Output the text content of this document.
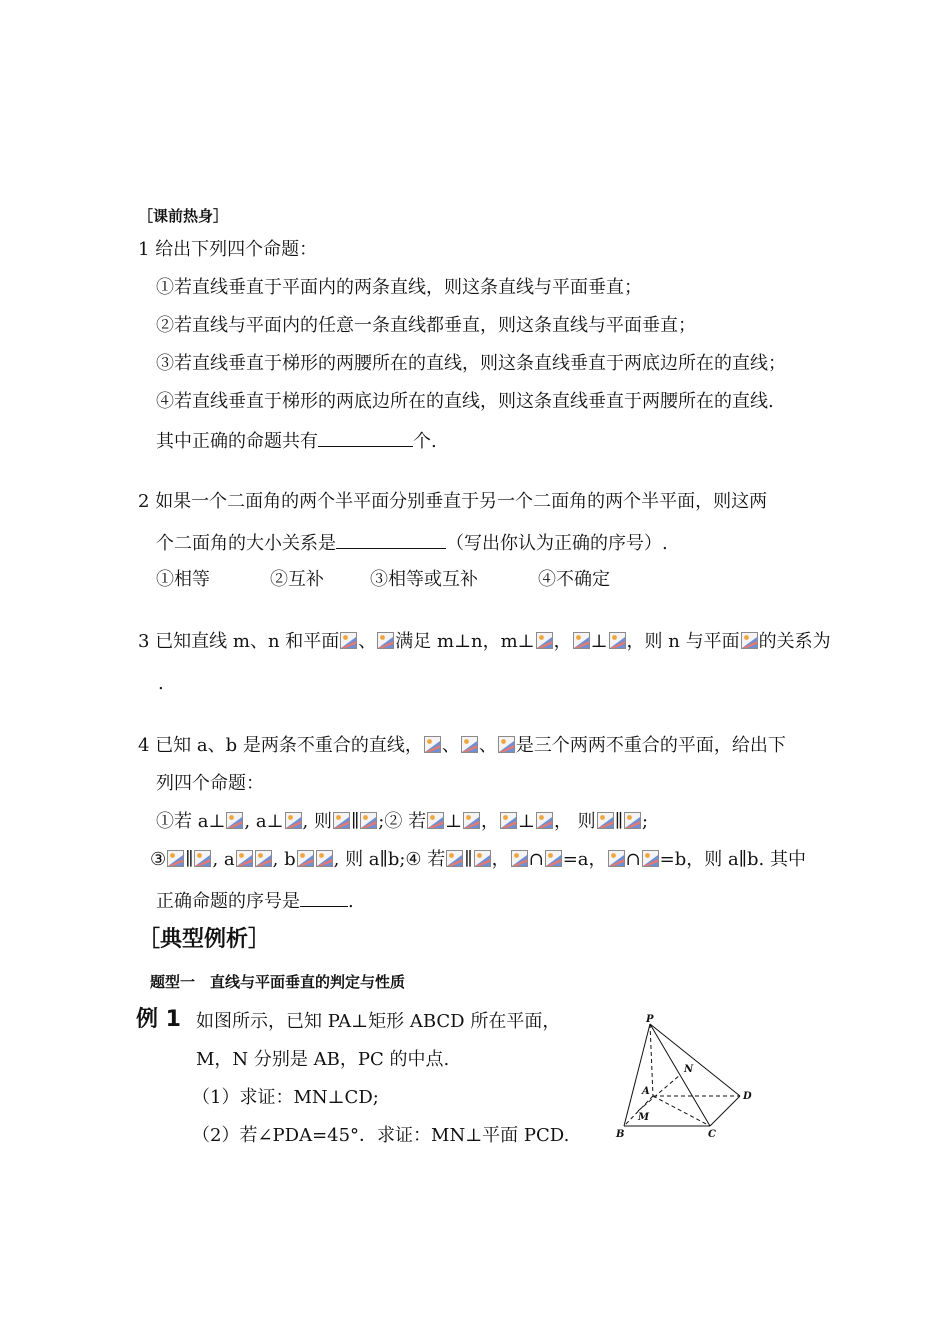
［课前热身］
1 给出下列四个命题：
①若直线垂直于平面内的两条直线，则这条直线与平面垂直；
②若直线与平面内的任意一条直线都垂直，则这条直线与平面垂直；
③若直线垂直于梯形的两腰所在的直线，则这条直线垂直于两底边所在的直线；
④若直线垂直于梯形的两底边所在的直线，则这条直线垂直于两腰所在的直线.
其中正确的命题共有	个.
2 如果一个二面角的两个半平面分别垂直于另一个二面角的两个半平面，则这两
个二面角的大小关系是	（写出你认为正确的序号）.
①相等	②互补	③相等或互补	④不确定
3 已知直线 m、n 和平面 、 满足 m⊥n，m⊥ ， ⊥ ，则 n 与平面 的关系为
.
4 已知 a、b 是两条不重合的直线， 、 、 是三个两两不重合的平面，给出下
列四个命题：
①若 a⊥ , a⊥ , 则 ∥ ;② 若 ⊥ ， ⊥ ， 则 ∥ ;
③ ∥ , a , b , 则 a∥b;④ 若 ∥ ， ∩ =a， ∩ =b，则 a∥b. 其中
正确命题的序号是	.
［典型例析］
题型一　直线与平面垂直的判定与性质
例 1 如图所示，已知 PA⊥矩形 ABCD 所在平面，
M，N 分别是 AB，PC 的中点.
（1）求证：MN⊥CD;
（2）若∠PDA=45°．求证：MN⊥平面 PCD.
P
A
B	C
D
M
N
